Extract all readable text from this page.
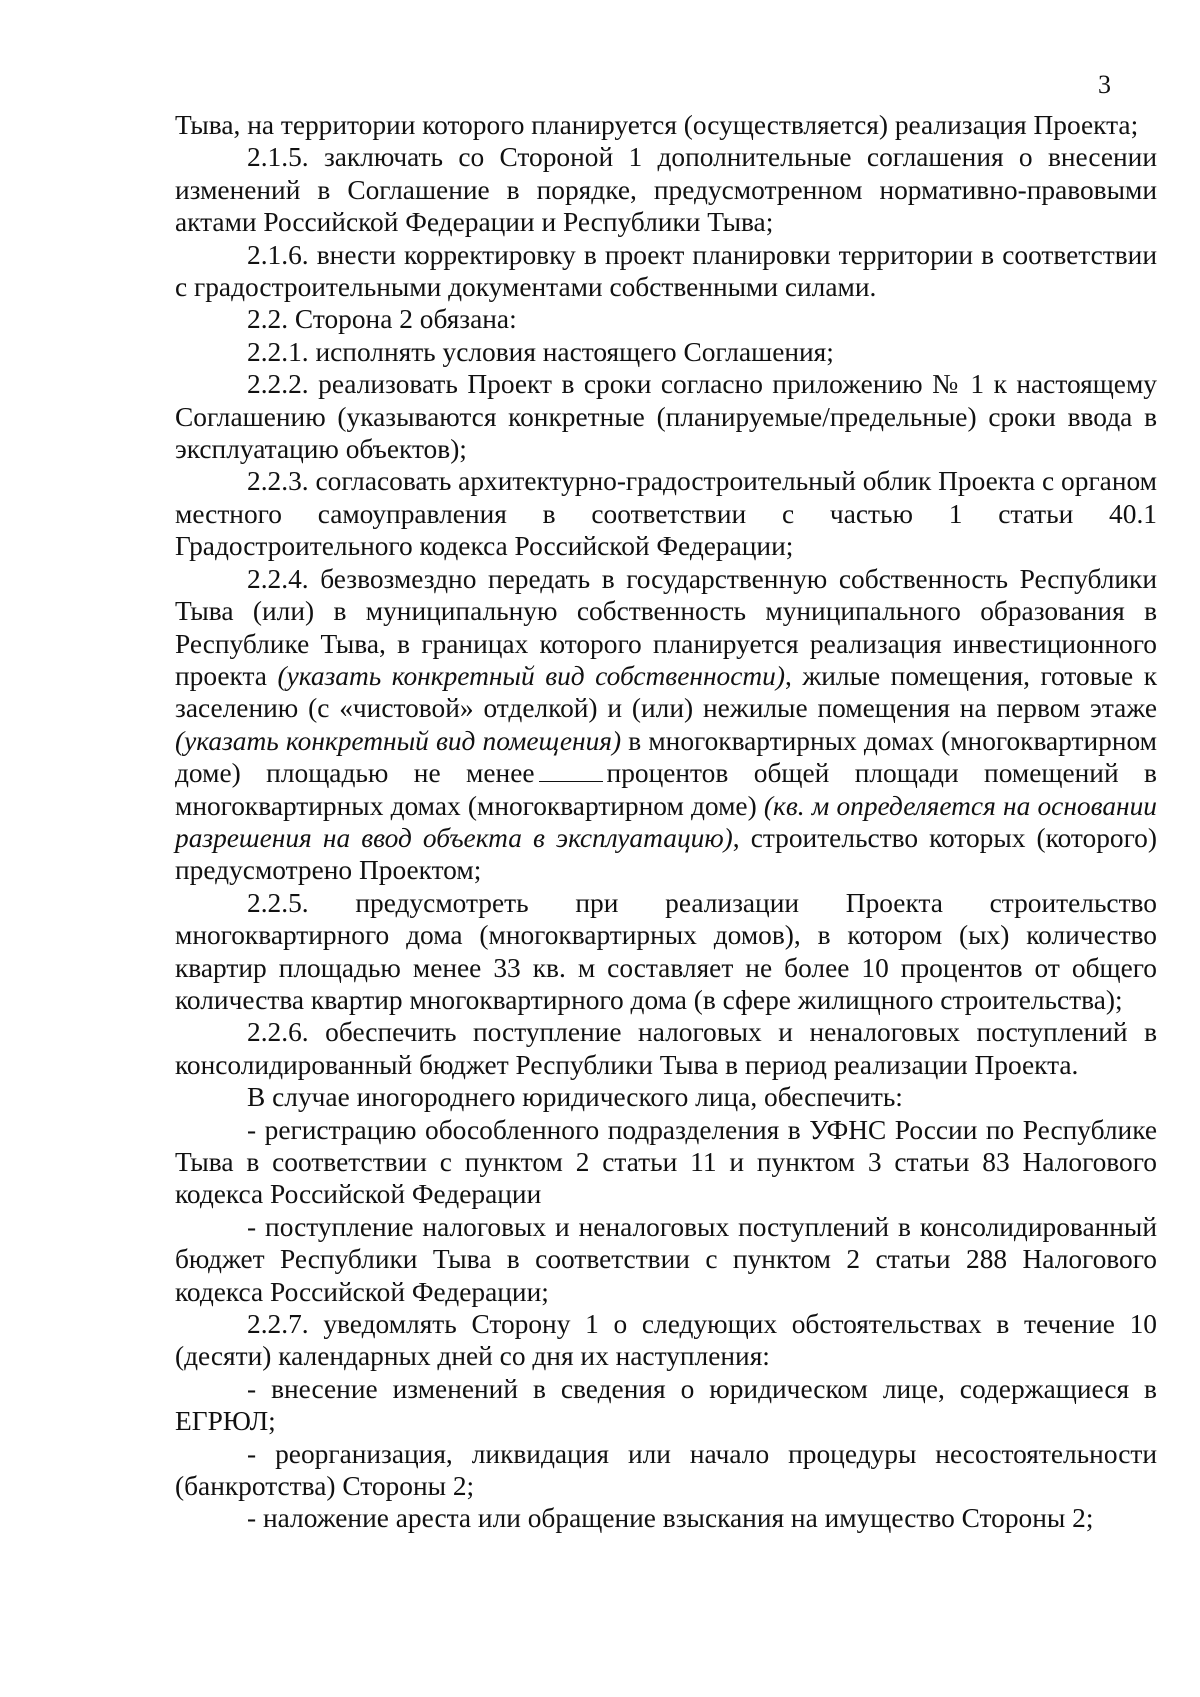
3

Тыва, на территории которого планируется (осуществляется) реализация Проекта;

2.1.5. заключать со Стороной 1 дополнительные соглашения о внесении изменений в Соглашение в порядке, предусмотренном нормативно-правовыми актами Российской Федерации и Республики Тыва;

2.1.6. внести корректировку в проект планировки территории в соответствии с градостроительными документами собственными силами.

2.2. Сторона 2 обязана:

2.2.1. исполнять условия настоящего Соглашения;

2.2.2. реализовать Проект в сроки согласно приложению № 1 к настоящему Соглашению (указываются конкретные (планируемые/предельные) сроки ввода в эксплуатацию объектов);

2.2.3. согласовать архитектурно-градостроительный облик Проекта с органом местного самоуправления в соответствии с частью 1 статьи 40.1 Градостроительного кодекса Российской Федерации;

2.2.4. безвозмездно передать в государственную собственность Республики Тыва (или) в муниципальную собственность муниципального образования в Республике Тыва, в границах которого планируется реализация инвестиционного проекта (указать конкретный вид собственности), жилые помещения, готовые к заселению (с «чистовой» отделкой) и (или) нежилые помещения на первом этаже (указать конкретный вид помещения) в многоквартирных домах (многоквартирном доме) площадью не менее	процентов общей площади помещений в многоквартирных домах (многоквартирном доме) (кв. м определяется на основании разрешения на ввод объекта в эксплуатацию), строительство которых (которого) предусмотрено Проектом;

2.2.5. предусмотреть при реализации Проекта строительство многоквартирного дома (многоквартирных домов), в котором (ых) количество квартир площадью менее 33 кв. м составляет не более 10 процентов от общего количества квартир многоквартирного дома (в сфере жилищного строительства);

2.2.6. обеспечить поступление налоговых и неналоговых поступлений в консолидированный бюджет Республики Тыва в период реализации Проекта.

В случае иногороднего юридического лица, обеспечить:

- регистрацию обособленного подразделения в УФНС России по Республике Тыва в соответствии с пунктом 2 статьи 11 и пунктом 3 статьи 83 Налогового кодекса Российской Федерации

- поступление налоговых и неналоговых поступлений в консолидированный бюджет Республики Тыва в соответствии с пунктом 2 статьи 288 Налогового кодекса Российской Федерации;

2.2.7. уведомлять Сторону 1 о следующих обстоятельствах в течение 10 (десяти) календарных дней со дня их наступления:

- внесение изменений в сведения о юридическом лице, содержащиеся в ЕГРЮЛ;

- реорганизация, ликвидация или начало процедуры несостоятельности (банкротства) Стороны 2;

- наложение ареста или обращение взыскания на имущество Стороны 2;
